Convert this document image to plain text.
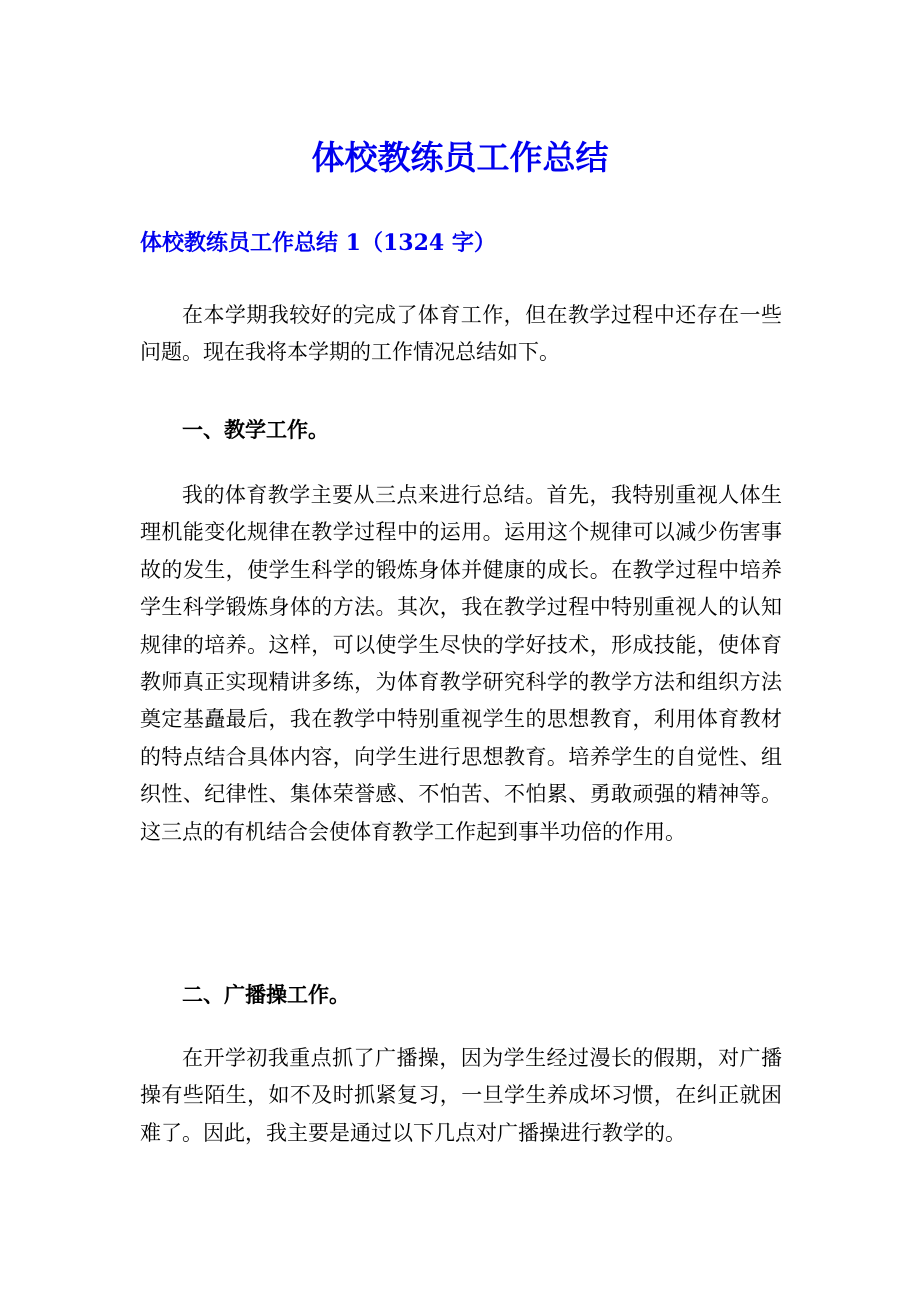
体校教练员工作总结
体校教练员工作总结 1（1324 字）

在本学期我较好的完成了体育工作，但在教学过程中还存在一些问题。现在我将本学期的工作情况总结如下。

一、教学工作。

我的体育教学主要从三点来进行总结。首先，我特别重视人体生理机能变化规律在教学过程中的运用。运用这个规律可以减少伤害事故的发生，使学生科学的锻炼身体并健康的成长。在教学过程中培养学生科学锻炼身体的方法。其次，我在教学过程中特别重视人的认知规律的培养。这样，可以使学生尽快的学好技术，形成技能，使体育教师真正实现精讲多练，为体育教学研究科学的教学方法和组织方法奠定基矗最后，我在教学中特别重视学生的思想教育，利用体育教材的特点结合具体内容，向学生进行思想教育。培养学生的自觉性、组织性、纪律性、集体荣誉感、不怕苦、不怕累、勇敢顽强的精神等。这三点的有机结合会使体育教学工作起到事半功倍的作用。

二、广播操工作。

在开学初我重点抓了广播操，因为学生经过漫长的假期，对广播操有些陌生，如不及时抓紧复习，一旦学生养成坏习惯，在纠正就困难了。因此，我主要是通过以下几点对广播操进行教学的。
